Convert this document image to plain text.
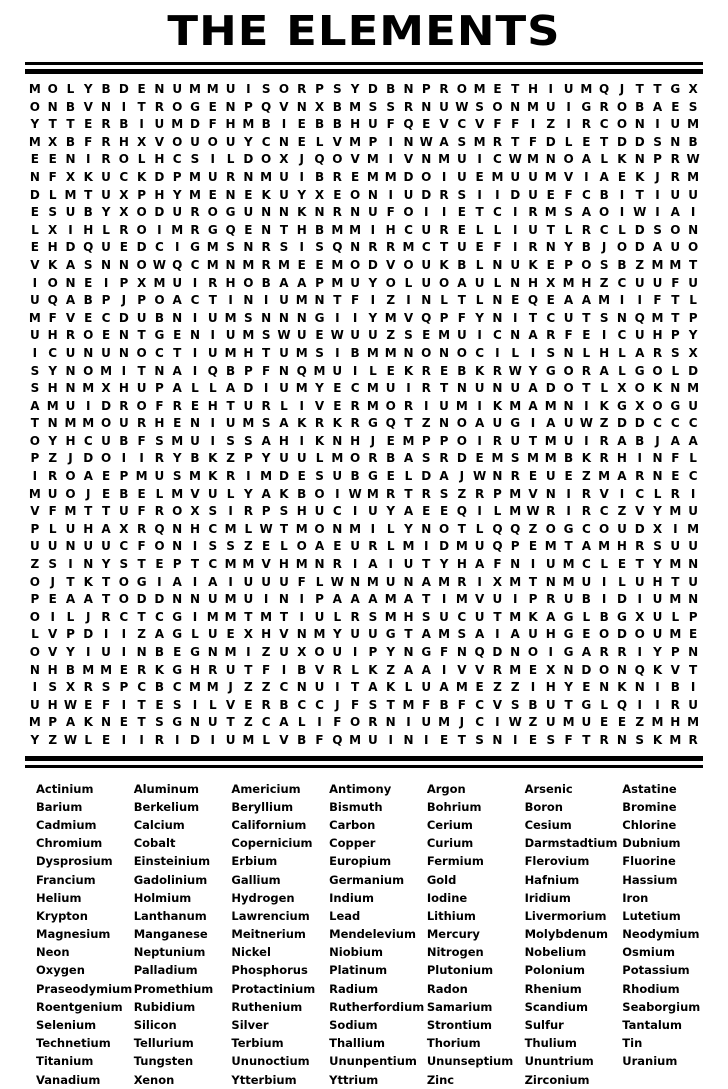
THE ELEMENTS
M O L Y B D E N U M M U I S O R P S Y D B N P R O M E T H I U M Q J T T G X
O N B V N I T R O G E N P Q V N X B M S S R N U W S O N M U I G R O B A E S
Y T T E R B I U M D F H M B I E B B H U F Q E V C V F F I Z I R C O N I U M
M X B F R H X V O U O U Y C N E L V M P I N W A S M R T F D L E T D D S N B
E E N I R O L H C S I L D O X J Q O V M I V N M U I C W M N O A L K N P R W
N F X K U C K D P M U R N M U I B R E M M D O I U E M U U M V I A E K J R M
D L M T U X P H Y M E N E K U Y X E O N I U D R S I	I D U E F C B I T I U U
E S U B Y X O D U R O G U N N K N R N U F O I	I E T C I R M S A O I W I A I
L X I H L R O I M R G Q E N T H B M M I H C U R E L L I U T L R C L D S O N
E H D Q U E D C I G M S N R S I S Q N R R M C T U E F I R N Y B J O D A U O
V K A S N N O W Q C M N M R M E E M O D V O U K B L N U K E P O S B Z M M T
I O N E I P X M U I R H O B A A P M U Y O L U O A U L N H X M H Z C U U F U
U Q A B P J P O A C T I N I U M N T F I Z I N L T L N E Q E A A M I	I F T L
M F V E C D U B N I U M S N N N G I	I Y M V Q P F Y N I T C U T S N Q M T P
U H R O E N T G E N I U M S W U E W U U Z S E M U I C N A R F E I C U H P Y
I C U N U N O C T I U M H T U M S I B M M N O N O C I L I S N L H L A R S X
S Y N O M I T N A I Q B P F N Q M U I L E K R E B K R W Y G O R A L G O L D
S H N M X H U P A L L A D I U M Y E C M U I R T N U N U A D O T L X O K N M
A M U I D R O F R E H T U R L I V E R M O R I U M I K M A M N I K G X O G U
T N M M O U R H E N I U M S A K R K R G Q T Z N O A U G I A U W Z D D C C C
O Y H C U B F S M U I S S A H I K N H J E M P P O I R U T M U I R A B J A A
P Z J D O I	I R Y B K Z P Y U U L M O R B A S R D E M S M M B K R H I N F L
I R O A E P M U S M K R I M D E S U B G E L D A J W N R E U E Z M A R N E C
M U O J E B E L M V U L Y A K B O I W M R T R S Z R P M V N I R V I C L R I
V F M T T U F R O X S I R P S H U C I U Y A E E Q I L M W R I R C Z V Y M U
P L U H A X R Q N H C M L W T M O N M I L Y N O T L Q Q Z O G C O U D X I M
U U N U U C F O N I S S Z E L O A E U R L M I D M U Q P E M T A M H R S U U
Z S I N Y S T E P T C M M V H M N R I A I U T Y H A F N I U M C L E T Y M N
O J T K T O G I A I A I U U U F L W N M U N A M R I X M T N M U I L U H T U
P E A A T O D D N N U M U I N I P A A A M A T I M V U I P R U B I D I U M N
O I L J R C T C G I M M T M T I U L R S M H S U C U T M K A G L B G X U L P
L V P D I	I Z A G L U E X H V N M Y U U G T A M S A I A U H G E O D O U M E
O V Y I U I N B E G N M I Z U X O U I P Y N G F N Q D N O I G A R R I Y P N
N H B M M E R K G H R U T F I B V R L K Z A A I V V R M E X N D O N Q K V T
I S X R S P C B C M M J Z Z C N U I T A K L U A M E Z Z I H Y E N K N I B I
U H W E F I T E S I L V E R B C C J F S T M F B F C V S B U T G L Q I	I R U
M P A K N E T S G N U T Z C A L I F O R N I U M J C I W Z U M U E E Z M H M
Y Z W L E I	I R I D I U M L V B F Q M U I N I E T S N I E S F T R N S K M R
Actinium	Aluminum	Americium	Antimony	Argon	Arsenic	Astatine
Barium	Berkelium	Beryllium	Bismuth	Bohrium	Boron	Bromine
Cadmium	Calcium	Californium	Carbon	Cerium	Cesium	Chlorine
Chromium	Cobalt	Copernicium	Copper	Curium	Darmstadtium Dubnium
Dysprosium	Einsteinium	Erbium	Europium	Fermium	Flerovium	Fluorine
Francium	Gadolinium	Gallium	Germanium	Gold	Hafnium	Hassium
Helium	Holmium	Hydrogen	Indium	Iodine	Iridium	Iron
Krypton	Lanthanum	Lawrencium	Lead	Lithium	Livermorium	Lutetium
Magnesium	Manganese	Meitnerium	Mendelevium Mercury	Molybdenum	Neodymium
Neon	Neptunium	Nickel	Niobium	Nitrogen	Nobelium	Osmium
Oxygen	Palladium	Phosphorus	Platinum	Plutonium	Polonium	Potassium
Praseodymium Promethium	Protactinium	Radium	Radon	Rhenium	Rhodium
Roentgenium Rubidium	Ruthenium	Rutherfordium Samarium	Scandium	Seaborgium
Selenium	Silicon	Silver	Sodium	Strontium	Sulfur	Tantalum
Technetium	Tellurium	Terbium	Thallium	Thorium	Thulium	Tin
Titanium	Tungsten	Ununoctium	Ununpentium Ununseptium Ununtrium	Uranium
Vanadium	Xenon	Ytterbium	Yttrium	Zinc	Zirconium
